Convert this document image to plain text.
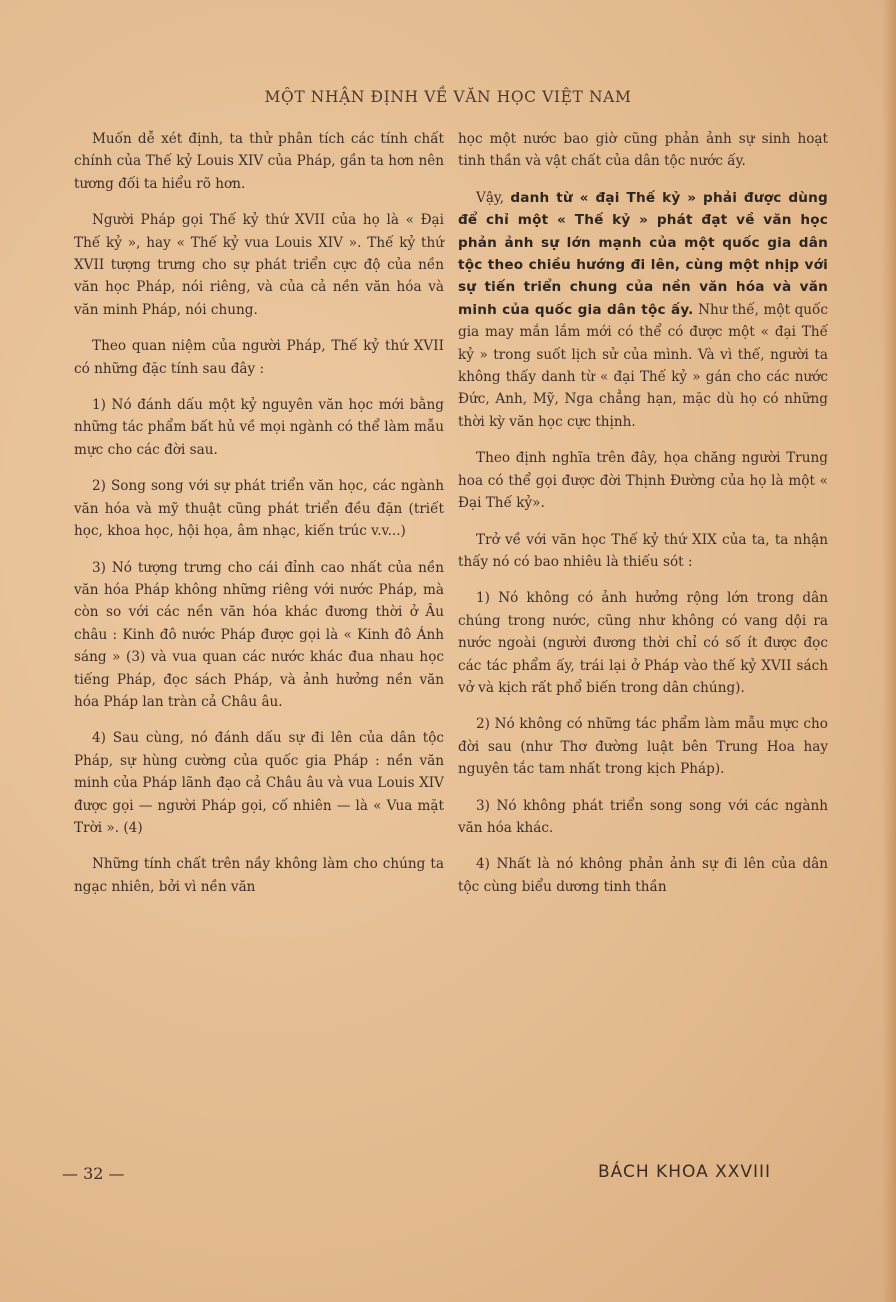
MỘT NHẬN ĐỊNH VỀ VĂN HỌC VIỆT NAM

Muốn dễ xét định, ta thử phân tích các tính chất chính của Thế kỷ Louis XIV của Pháp, gần ta hơn nên tương đối ta hiểu rõ hơn.

Người Pháp gọi Thế kỷ thứ XVII của họ là « Đại Thế kỷ », hay « Thế kỷ vua Louis XIV ». Thế kỷ thứ XVII tượng trưng cho sự phát triển cực độ của nền văn học Pháp, nói riêng, và của cả nền văn hóa và văn minh Pháp, nói chung.

Theo quan niệm của người Pháp, Thế kỷ thứ XVII có những đặc tính sau đây :

1) Nó đánh dấu một kỷ nguyên văn học mới bằng những tác phẩm bất hủ về mọi ngành có thể làm mẫu mực cho các đời sau.

2) Song song với sự phát triển văn học, các ngành văn hóa và mỹ thuật cũng phát triển đều đặn (triết học, khoa học, hội họa, âm nhạc, kiến trúc v.v...)

3) Nó tượng trưng cho cái đỉnh cao nhất của nền văn hóa Pháp không những riêng với nước Pháp, mà còn so với các nền văn hóa khác đương thời ở Âu châu : Kinh đô nước Pháp được gọi là « Kinh đô Ánh sáng » (3) và vua quan các nước khác đua nhau học tiếng Pháp, đọc sách Pháp, và ảnh hưởng nền văn hóa Pháp lan tràn cả Châu âu.

4) Sau cùng, nó đánh dấu sự đi lên của dân tộc Pháp, sự hùng cường của quốc gia Pháp : nền văn minh của Pháp lãnh đạo cả Châu âu và vua Louis XIV được gọi — người Pháp gọi, cố nhiên — là « Vua mặt Trời ». (4)

Những tính chất trên nầy không làm cho chúng ta ngạc nhiên, bởi vì nền văn

học một nước bao giờ cũng phản ảnh sự sinh hoạt tinh thần và vật chất của dân tộc nước ấy.

Vậy, danh từ « đại Thế kỷ » phải được dùng để chỉ một « Thế kỷ » phát đạt về văn học phản ảnh sự lớn mạnh của một quốc gia dân tộc theo chiều hướng đi lên, cùng một nhịp với sự tiến triển chung của nền văn hóa và văn minh của quốc gia dân tộc ấy. Như thế, một quốc gia may mắn lắm mới có thể có được một « đại Thế kỷ » trong suốt lịch sử của mình. Và vì thế, người ta không thấy danh từ « đại Thế kỷ » gán cho các nước Đức, Anh, Mỹ, Nga chẳng hạn, mặc dù họ có những thời kỳ văn học cực thịnh.

Theo định nghĩa trên đây, họa chăng người Trung hoa có thể gọi được đời Thịnh Đường của họ là một « Đại Thế kỷ».

Trở về với văn học Thế kỷ thứ XIX của ta, ta nhận thấy nó có bao nhiêu là thiếu sót :

1) Nó không có ảnh hưởng rộng lớn trong dân chúng trong nước, cũng như không có vang dội ra nước ngoài (người đương thời chỉ có số ít được đọc các tác phẩm ấy, trái lại ở Pháp vào thế kỷ XVII sách vở và kịch rất phổ biến trong dân chúng).

2) Nó không có những tác phẩm làm mẫu mực cho đời sau (như Thơ đường luật bên Trung Hoa hay nguyên tắc tam nhất trong kịch Pháp).

3) Nó không phát triển song song với các ngành văn hóa khác.

4) Nhất là nó không phản ảnh sự đi lên của dân tộc cùng biểu dương tinh thần

— 32 —	BÁCH KHOA XXVIII
